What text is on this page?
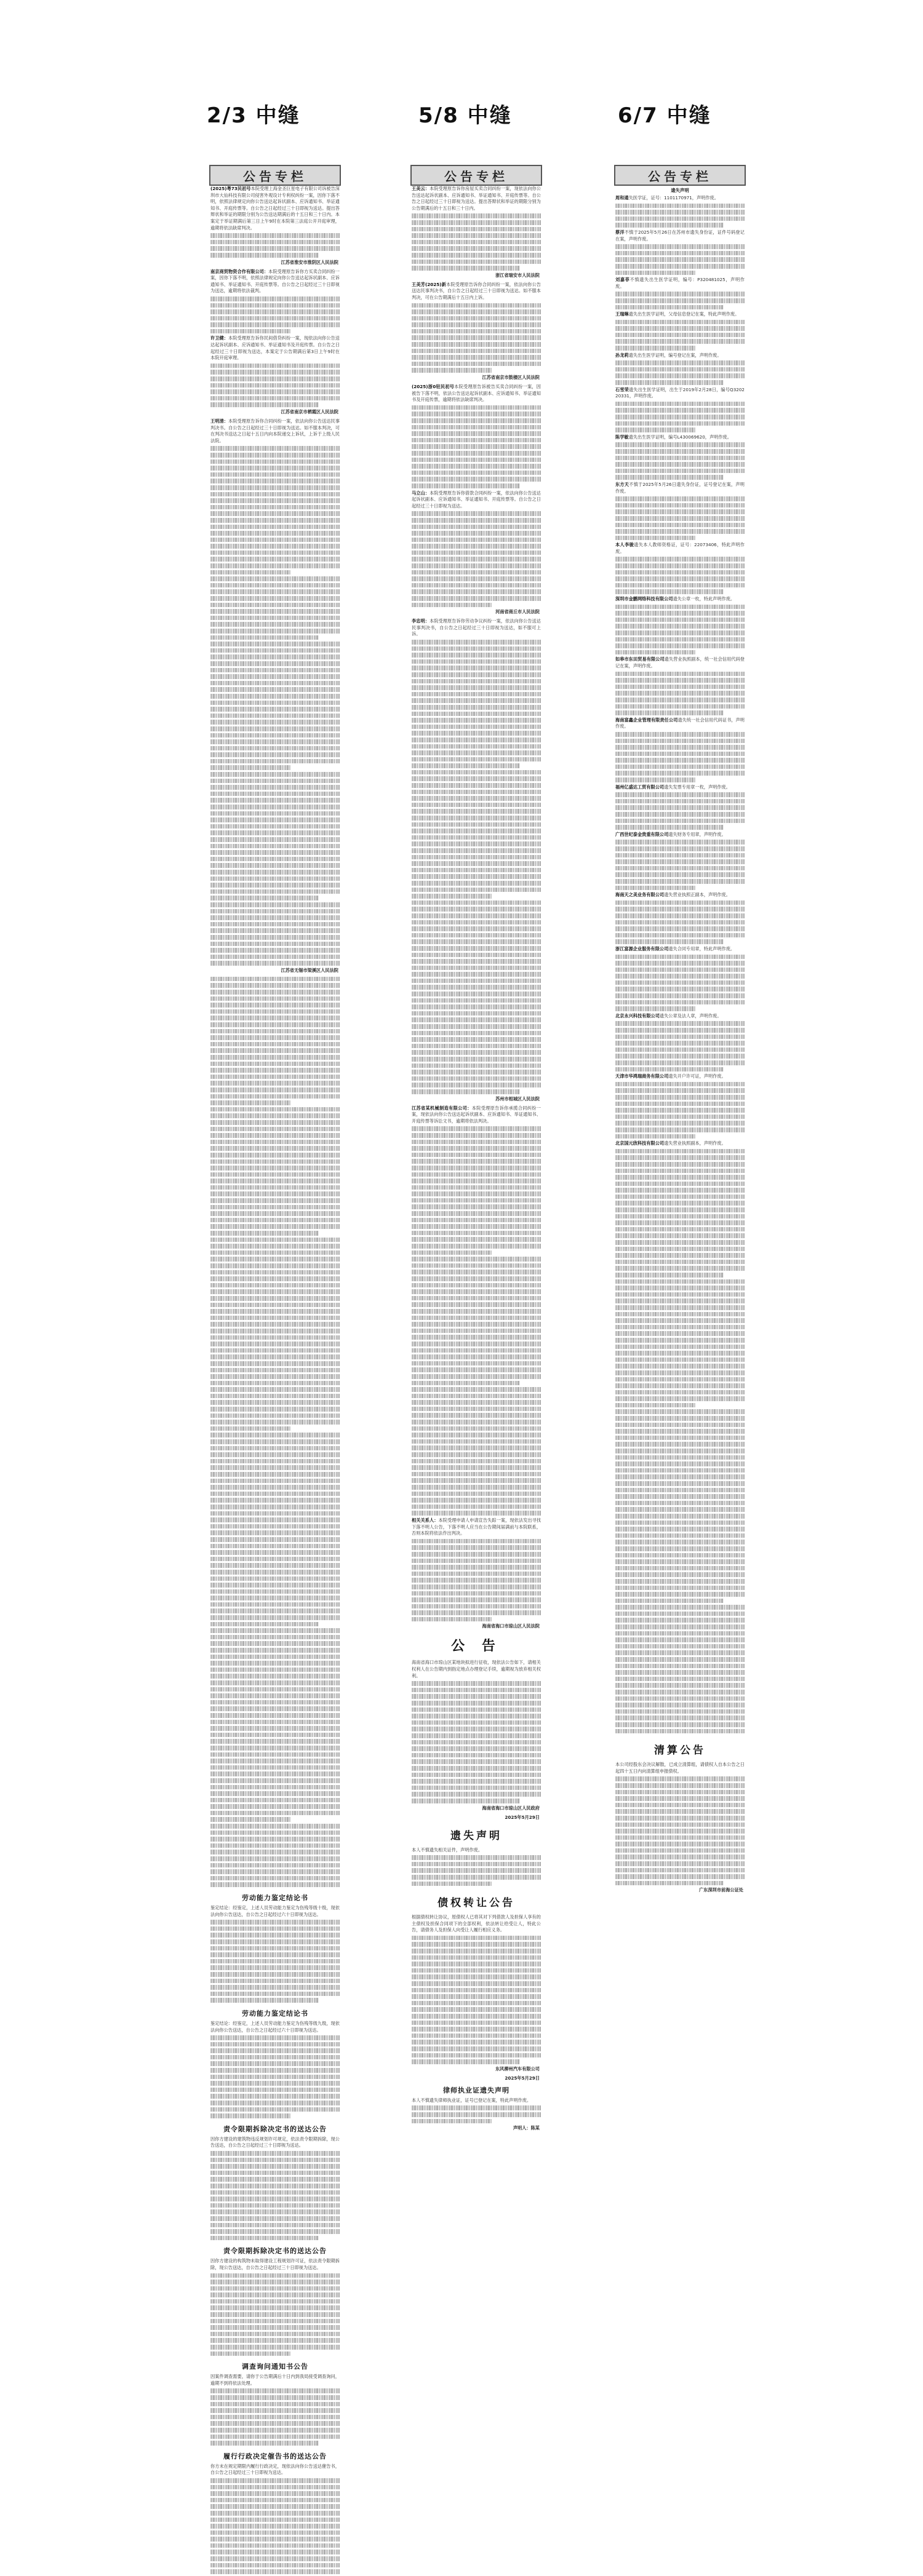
2/3 中缝
公告专栏
(2025)粤73民初号本院受理上海金圣巨星电子有限公司诉被告深圳市大仙科技有限公司侵害外观设计专利权纠纷一案，因你下落不明，依照法律规定向你公告送达起诉状副本、应诉通知书、举证通知书、开庭传票等。自公告之日起经过三十日即视为送达。提出答辩状和举证的期限分别为公告送达期满后的十五日和三十日内。本案定于举证期满后第三日上午9时在本院第三法庭公开开庭审理，逾期将依法缺席判决。
江苏省淮安市淮阴区人民法院
南京商贸物资合作有限公司：本院受理原告诉你方买卖合同纠纷一案，因你下落不明，依照法律规定向你公告送达起诉状副本、应诉通知书、举证通知书、开庭传票等。自公告之日起经过三十日即视为送达，逾期将依法裁判。
许卫健：本院受理原告诉你民间借贷纠纷一案，现依法向你公告送达起诉状副本、应诉通知书、举证通知书及开庭传票。自公告之日起经过三十日即视为送达，本案定于公告期满后第3日上午9时在本院开庭审理。
江苏省南京市栖霞区人民法院
王明清：本院受理原告诉你合同纠纷一案，依法向你公告送达民事判决书。自公告之日起经过三十日即视为送达。如不服本判决，可在判决书送达之日起十五日内向本院递交上诉状，上诉于上级人民法院。
江苏省无锡市梁溪区人民法院
劳动能力鉴定结论书
鉴定结论：经鉴定，上述人员劳动能力鉴定为伤残等级十级，现依法向你公告送达，自公告之日起经过六十日即视为送达。
劳动能力鉴定结论书
鉴定结论：经鉴定，上述人员劳动能力鉴定为伤残等级九级，现依法向你公告送达，自公告之日起经过六十日即视为送达。
责令限期拆除决定书的送达公告
因你方建设的建筑物违反规划许可规定，依法责令限期拆除，现公告送达，自公告之日起经过三十日即视为送达。
责令限期拆除决定书的送达公告
因你方建设的构筑物未取得建设工程规划许可证，依法责令限期拆除，现公告送达，自公告之日起经过三十日即视为送达。
调查询问通知书公告
因案件调查需要，请你于公告期满后十日内到我局接受调查询问，逾期不到将依法处理。
履行行政决定催告书的送达公告
你方未在规定期限内履行行政决定，现依法向你公告送达催告书，自公告之日起经过三十日即视为送达。
5/8 中缝
公告专栏
王美云：本院受理原告诉你房屋买卖合同纠纷一案，现依法向你公告送达起诉状副本、应诉通知书、举证通知书、开庭传票等。自公告之日起经过三十日即视为送达。提出答辩状和举证的期限分别为公告期满后的十五日和三十日内。
浙江省瑞安市人民法院
王美芳(2025)新本院受理原告诉你合同纠纷一案，依法向你公告送达民事判决书，自公告之日起经过三十日即视为送达。如不服本判决，可在公告期满后十五日内上诉。
江苏省南京市鼓楼区人民法院
(2025)浙0驻民初号本院受理原告诉被告买卖合同纠纷一案，因被告下落不明，依法公告送达起诉状副本、应诉通知书、举证通知书及开庭传票，逾期将依法缺席判决。
马立山：本院受理原告诉你借款合同纠纷一案，依法向你公告送达起诉状副本、应诉通知书、举证通知书、开庭传票等。自公告之日起经过三十日即视为送达。
河南省商丘市人民法院
李忠明：本院受理原告诉你劳动争议纠纷一案，依法向你公告送达民事判决书，自公告之日起经过三十日即视为送达，如不服可上诉。
苏州市相城区人民法院
江苏省某机械制造有限公司：本院受理原告诉你承揽合同纠纷一案，现依法向你公告送达起诉状副本、应诉通知书、举证通知书、开庭传票等诉讼文书，逾期将依法判决。
相关关系人：本院受理申请人申请宣告失踪一案，现依法发出寻找下落不明人公告，下落不明人应当在公告期间届满前与本院联系，否则本院将依法作出判决。
海南省海口市琼山区人民法院
公 告
海南省海口市琼山区某地块拟进行征收，现依法公告如下，请相关权利人在公告期内到指定地点办理登记手续，逾期视为放弃相关权利。
海南省海口市琼山区人民政府
2025年5月29日
遗失声明
本人不慎遗失相关证件，声明作废。
债权转让公告
根据债权转让协议，原债权人已将其对下列借款人及担保人享有的主债权及担保合同项下的全部权利，依法转让给受让人，特此公告，请债务人及担保人向受让人履行相应义务。
东风柳州汽车有限公司
2025年5月29日
律师执业证遗失声明
本人不慎遗失律师执业证，证号已登记在案，特此声明作废。
声明人：陈某
6/7 中缝
公告专栏
遗失声明
周和通失医学证，证号：1101170971，声明作废。
蔡洋不慎于2025年5月26日在苏州市遗失身份证，证件号码登记在案，声明作废。
刘嘉菲不慎遗失出生医学证明，编号：P320481025，声明作废。
王瑞琳遗失出生医学证明，父母信息登记在案，特此声明作废。
孙龙莉遗失出生医学证明，编号登记在案，声明作废。
石雪荣遗失出生医学证明，出生于2019年2月28日，编号Q320220331，声明作废。
陈学敏遗失出生医学证明，编号L430069620，声明作废。
东方天不慎于2025年5月26日遗失身份证，证号登记在案，声明作废。
本人李骏遗失本人教师资格证，证号：22073406，特此声明作废。
深圳市金鹏网络科技有限公司遗失公章一枚，特此声明作废。
如皋市东田贸易有限公司遗失营业执照副本，统一社会信用代码登记在案，声明作废。
海南富鑫企业管理有限责任公司遗失统一社会信用代码证书，声明作废。
福州亿盛达工贸有限公司遗失发票专用章一枚，声明作废。
广西世纪泰金贵重有限公司遗失财务专用章，声明作废。
海南天之美业务有限公司遗失营业执照正副本，声明作废。
浙江富源企业服务有限公司遗失合同专用章，特此声明作废。
北京永兴科技有限公司遗失公章及法人章，声明作废。
天津市华鸿瑞商务有限公司遗失开户许可证，声明作废。
北京国元欣科技有限公司遗失营业执照副本，声明作废。
清算公告
本公司经股东会决议解散，已成立清算组，请债权人自本公告之日起四十五日内向清算组申报债权。
广东深圳市前海公证处
